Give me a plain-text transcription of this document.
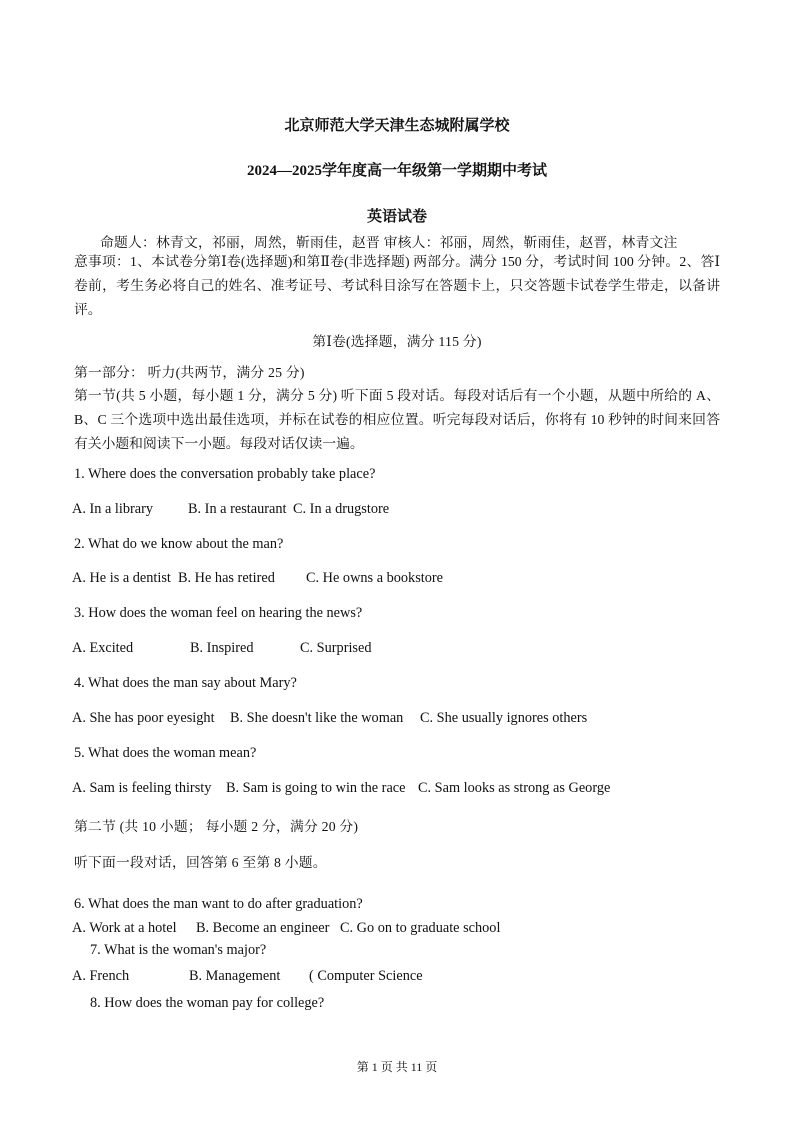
北京师范大学天津生态城附属学校
2024—2025学年度高一年级第一学期期中考试
英语试卷
命题人：林青文，祁丽，周然，靳雨佳，赵晋 审核人：祁丽，周然，靳雨佳，赵晋，林青文注
意事项：1、本试卷分第Ⅰ卷(选择题)和第Ⅱ卷(非选择题) 两部分。满分 150 分，考试时间 100 分钟。2、答Ⅰ卷前，考生务必将自己的姓名、准考证号、考试科目涂写在答题卡上，只交答题卡试卷学生带走，以备讲评。
第Ⅰ卷(选择题，满分 115 分)
第一部分： 听力(共两节，满分 25 分)
第一节(共 5 小题，每小题 1 分，满分 5 分) 听下面 5 段对话。每段对话后有一个小题，从题中所给的 A、B、C 三个选项中选出最佳选项，并标在试卷的相应位置。听完每段对话后，你将有 10 秒钟的时间来回答有关小题和阅读下一小题。每段对话仅读一遍。
1. Where does the conversation probably take place?
A. In a library B. In a restaurant C. In a drugstore
2. What do we know about the man?
A. He is a dentist B. He has retired C. He owns a bookstore
3. How does the woman feel on hearing the news?
A. Excited	B. Inspired	C. Surprised
4. What does the man say about Mary?
A. She has poor eyesight B. She doesn't like the woman C. She usually ignores others
5. What does the woman mean?
A. Sam is feeling thirsty B. Sam is going to win the race C. Sam looks as strong as George
第二节 (共 10 小题； 每小题 2 分，满分 20 分)
听下面一段对话，回答第 6 至第 8 小题。
6. What does the man want to do after graduation?
A. Work at a hotel B. Become an engineer C. Go on to graduate school
7. What is the woman's major?
A. French	B. Management ( Computer Science
8. How does the woman pay for college?
第 1 页 共 11 页
